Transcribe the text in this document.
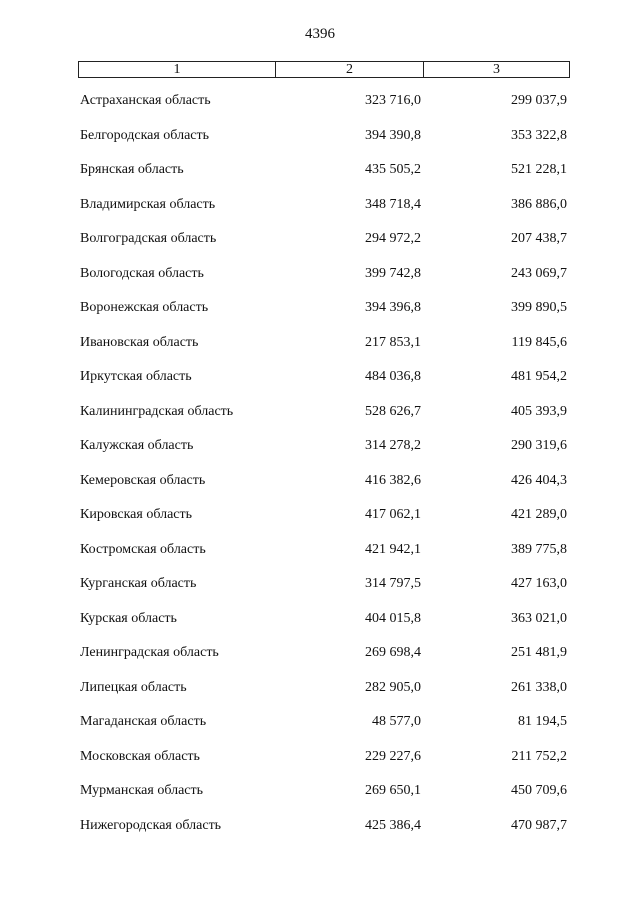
4396
1	2	3
Астраханская область	323 716,0	299 037,9
Белгородская область	394 390,8	353 322,8
Брянская область	435 505,2	521 228,1
Владимирская область	348 718,4	386 886,0
Волгоградская область	294 972,2	207 438,7
Вологодская область	399 742,8	243 069,7
Воронежская область	394 396,8	399 890,5
Ивановская область	217 853,1	119 845,6
Иркутская область	484 036,8	481 954,2
Калининградская область	528 626,7	405 393,9
Калужская область	314 278,2	290 319,6
Кемеровская область	416 382,6	426 404,3
Кировская область	417 062,1	421 289,0
Костромская область	421 942,1	389 775,8
Курганская область	314 797,5	427 163,0
Курская область	404 015,8	363 021,0
Ленинградская область	269 698,4	251 481,9
Липецкая область	282 905,0	261 338,0
Магаданская область	48 577,0	81 194,5
Московская область	229 227,6	211 752,2
Мурманская область	269 650,1	450 709,6
Нижегородская область	425 386,4	470 987,7
